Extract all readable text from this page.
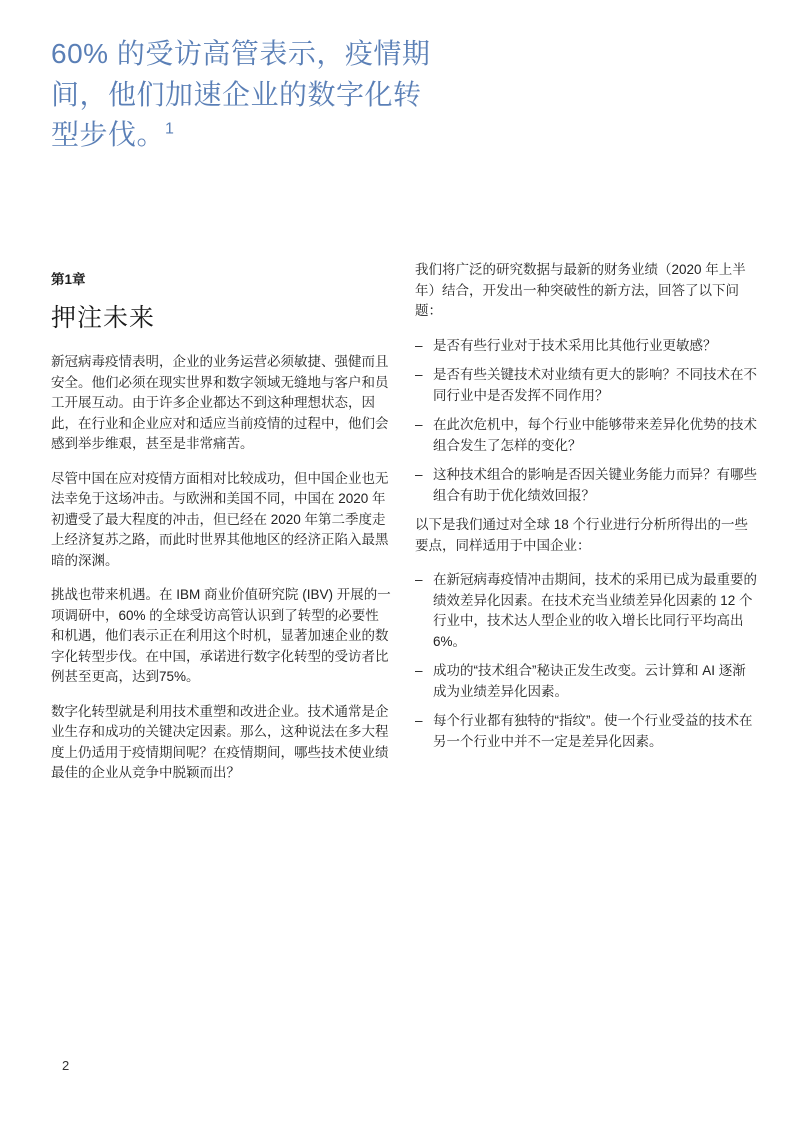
60% 的受访高管表示，疫情期间，他们加速企业的数字化转型步伐。$^1$

第1章

押注未来

新冠病毒疫情表明，企业的业务运营必须敏捷、强健而且安全。他们必须在现实世界和数字领域无缝地与客户和员工开展互动。由于许多企业都达不到这种理想状态，因此，在行业和企业应对和适应当前疫情的过程中，他们会感到举步维艰，甚至是非常痛苦。

尽管中国在应对疫情方面相对比较成功，但中国企业也无法幸免于这场冲击。与欧洲和美国不同，中国在 2020 年初遭受了最大程度的冲击，但已经在 2020 年第二季度走上经济复苏之路，而此时世界其他地区的经济正陷入最黑暗的深渊。

挑战也带来机遇。在 IBM 商业价值研究院 (IBV) 开展的一项调研中，60% 的全球受访高管认识到了转型的必要性和机遇，他们表示正在利用这个时机，显著加速企业的数字化转型步伐。在中国，承诺进行数字化转型的受访者比例甚至更高，达到75%。

数字化转型就是利用技术重塑和改进企业。技术通常是企业生存和成功的关键决定因素。那么，这种说法在多大程度上仍适用于疫情期间呢？在疫情期间，哪些技术使业绩最佳的企业从竞争中脱颖而出？

我们将广泛的研究数据与最新的财务业绩（2020 年上半年）结合，开发出一种突破性的新方法，回答了以下问题：

– 是否有些行业对于技术采用比其他行业更敏感？
– 是否有些关键技术对业绩有更大的影响？不同技术在不同行业中是否发挥不同作用？
– 在此次危机中，每个行业中能够带来差异化优势的技术组合发生了怎样的变化？
– 这种技术组合的影响是否因关键业务能力而异？有哪些组合有助于优化绩效回报？

以下是我们通过对全球 18 个行业进行分析所得出的一些要点，同样适用于中国企业：

– 在新冠病毒疫情冲击期间，技术的采用已成为最重要的绩效差异化因素。在技术充当业绩差异化因素的 12 个行业中，技术达人型企业的收入增长比同行平均高出6%。
– 成功的“技术组合”秘诀正发生改变。云计算和 AI 逐渐成为业绩差异化因素。
– 每个行业都有独特的“指纹”。使一个行业受益的技术在另一个行业中并不一定是差异化因素。
2
